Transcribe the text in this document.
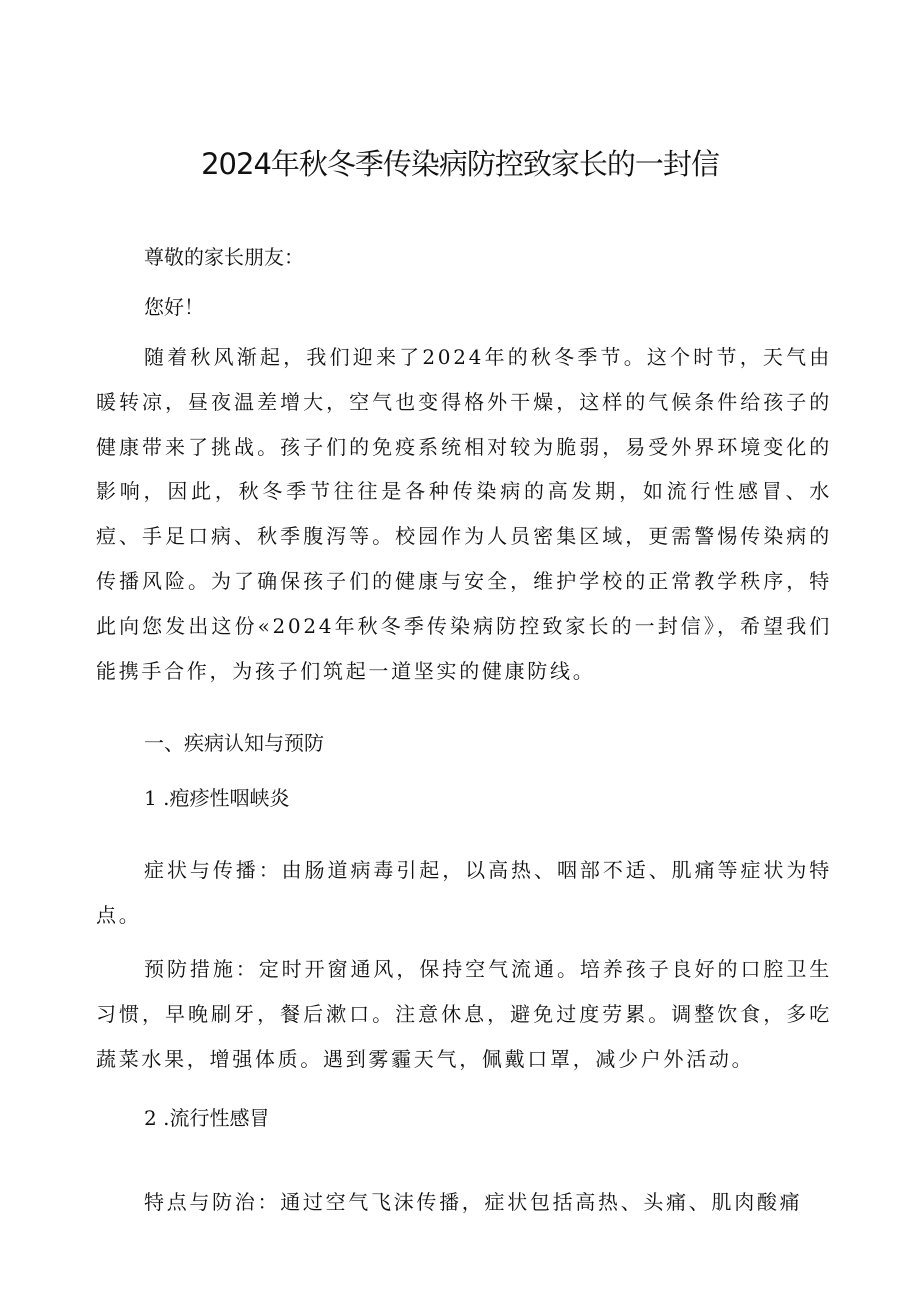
2024年秋冬季传染病防控致家长的一封信
尊敬的家长朋友：
您好！
随着秋风渐起，我们迎来了2024年的秋冬季节。这个时节，天气由暖转凉，昼夜温差增大，空气也变得格外干燥，这样的气候条件给孩子的健康带来了挑战。孩子们的免疫系统相对较为脆弱，易受外界环境变化的影响，因此，秋冬季节往往是各种传染病的高发期，如流行性感冒、水痘、手足口病、秋季腹泻等。校园作为人员密集区域，更需警惕传染病的传播风险。为了确保孩子们的健康与安全，维护学校的正常教学秩序，特此向您发出这份«2024年秋冬季传染病防控致家长的一封信》，希望我们能携手合作，为孩子们筑起一道坚实的健康防线。
一、疾病认知与预防
1 .疱疹性咽峡炎
症状与传播：由肠道病毒引起，以高热、咽部不适、肌痛等症状为特点。
预防措施：定时开窗通风，保持空气流通。培养孩子良好的口腔卫生习惯，早晚刷牙，餐后漱口。注意休息，避免过度劳累。调整饮食，多吃蔬菜水果，增强体质。遇到雾霾天气，佩戴口罩，减少户外活动。
2 .流行性感冒
特点与防治：通过空气飞沫传播，症状包括高热、头痛、肌肉酸痛
